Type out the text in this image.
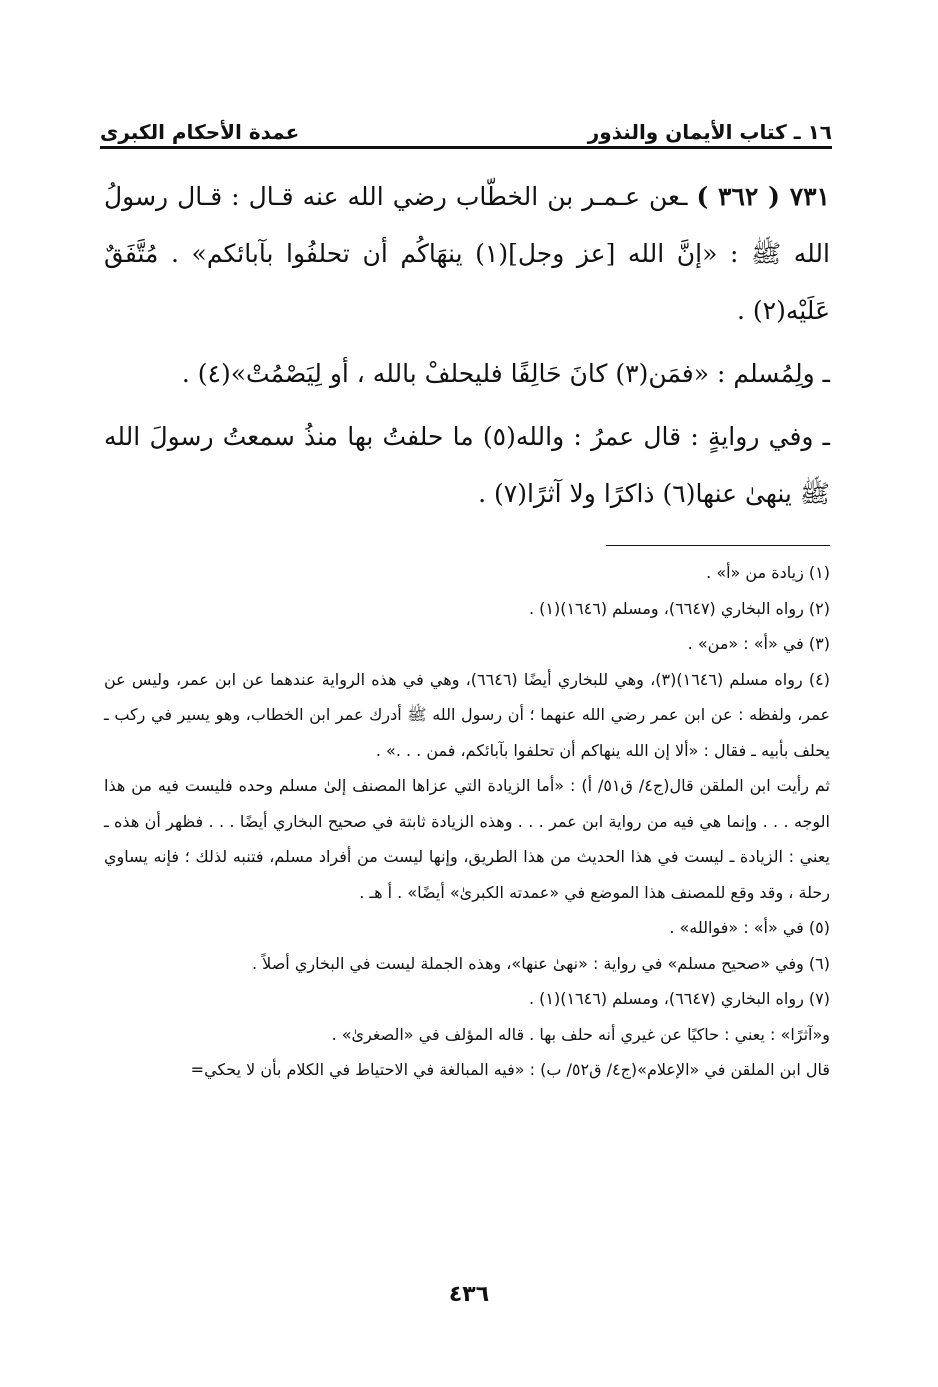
١٦ ـ كتاب الأيمان والنذور
عمدة الأحكام الكبرى

٧٣١ ( ٣٦٢ ) ـعن عـمـر بن الخطّاب رضي الله عنه قـال : قـال رسولُ الله ﷺ : «إنَّ الله [عز وجل](١) ينهَاكُم أن تحلفُوا بآبائكم» . مُتَّفَقٌ عَلَيْه(٢) .

ـ ولِمُسلم : «فمَن(٣) كانَ حَالِفًا فليحلفْ بالله ، أو لِيَصْمُتْ»(٤) .

ـ وفي روايةٍ : قال عمرُ : والله(٥) ما حلفتُ بها منذُ سمعتُ رسولَ الله ﷺ ينهىٰ عنها(٦) ذاكرًا ولا آثرًا(٧) .

(١) زيادة من «أ» .

(٢) رواه البخاري (٦٦٤٧)، ومسلم (١٦٤٦)(١) .

(٣) في «أ» : «من» .

(٤) رواه مسلم (١٦٤٦)(٣)، وهي للبخاري أيضًا (٦٦٤٦)، وهي في هذه الرواية عندهما عن ابن عمر، وليس عن عمر، ولفظه : عن ابن عمر رضي الله عنهما ؛ أن رسول الله ﷺ أدرك عمر ابن الخطاب، وهو يسير في ركب ـ يحلف بأبيه ـ فقال : «ألا إن الله ينهاكم أن تحلفوا بآبائكم، فمن . . .» .

ثم رأيت ابن الملقن قال(ج٤/ ق٥١/ أ) : «أما الزيادة التي عزاها المصنف إلىٰ مسلم وحده فليست فيه من هذا الوجه . . . وإنما هي فيه من رواية ابن عمر . . . وهذه الزيادة ثابتة في صحيح البخاري أيضًا . . . فظهر أن هذه ـ يعني : الزيادة ـ ليست في هذا الحديث من هذا الطريق، وإنها ليست من أفراد مسلم، فتنبه لذلك ؛ فإنه يساوي رحلة ، وقد وقع للمصنف هذا الموضع في «عمدته الكبرىٰ» أيضًا» . أ هـ .

(٥) في «أ» : «فوالله» .

(٦) وفي «صحيح مسلم» في رواية : «نهىٰ عنها»، وهذه الجملة ليست في البخاري أصلاً .

(٧) رواه البخاري (٦٦٤٧)، ومسلم (١٦٤٦)(١) .

و«آثرًا» : يعني : حاكيًا عن غيري أنه حلف بها . قاله المؤلف في «الصغرىٰ» .

قال ابن الملقن في «الإعلام»(ج٤/ ق٥٢/ ب) : «فيه المبالغة في الاحتياط في الكلام بأن لا يحكي=

٤٣٦
